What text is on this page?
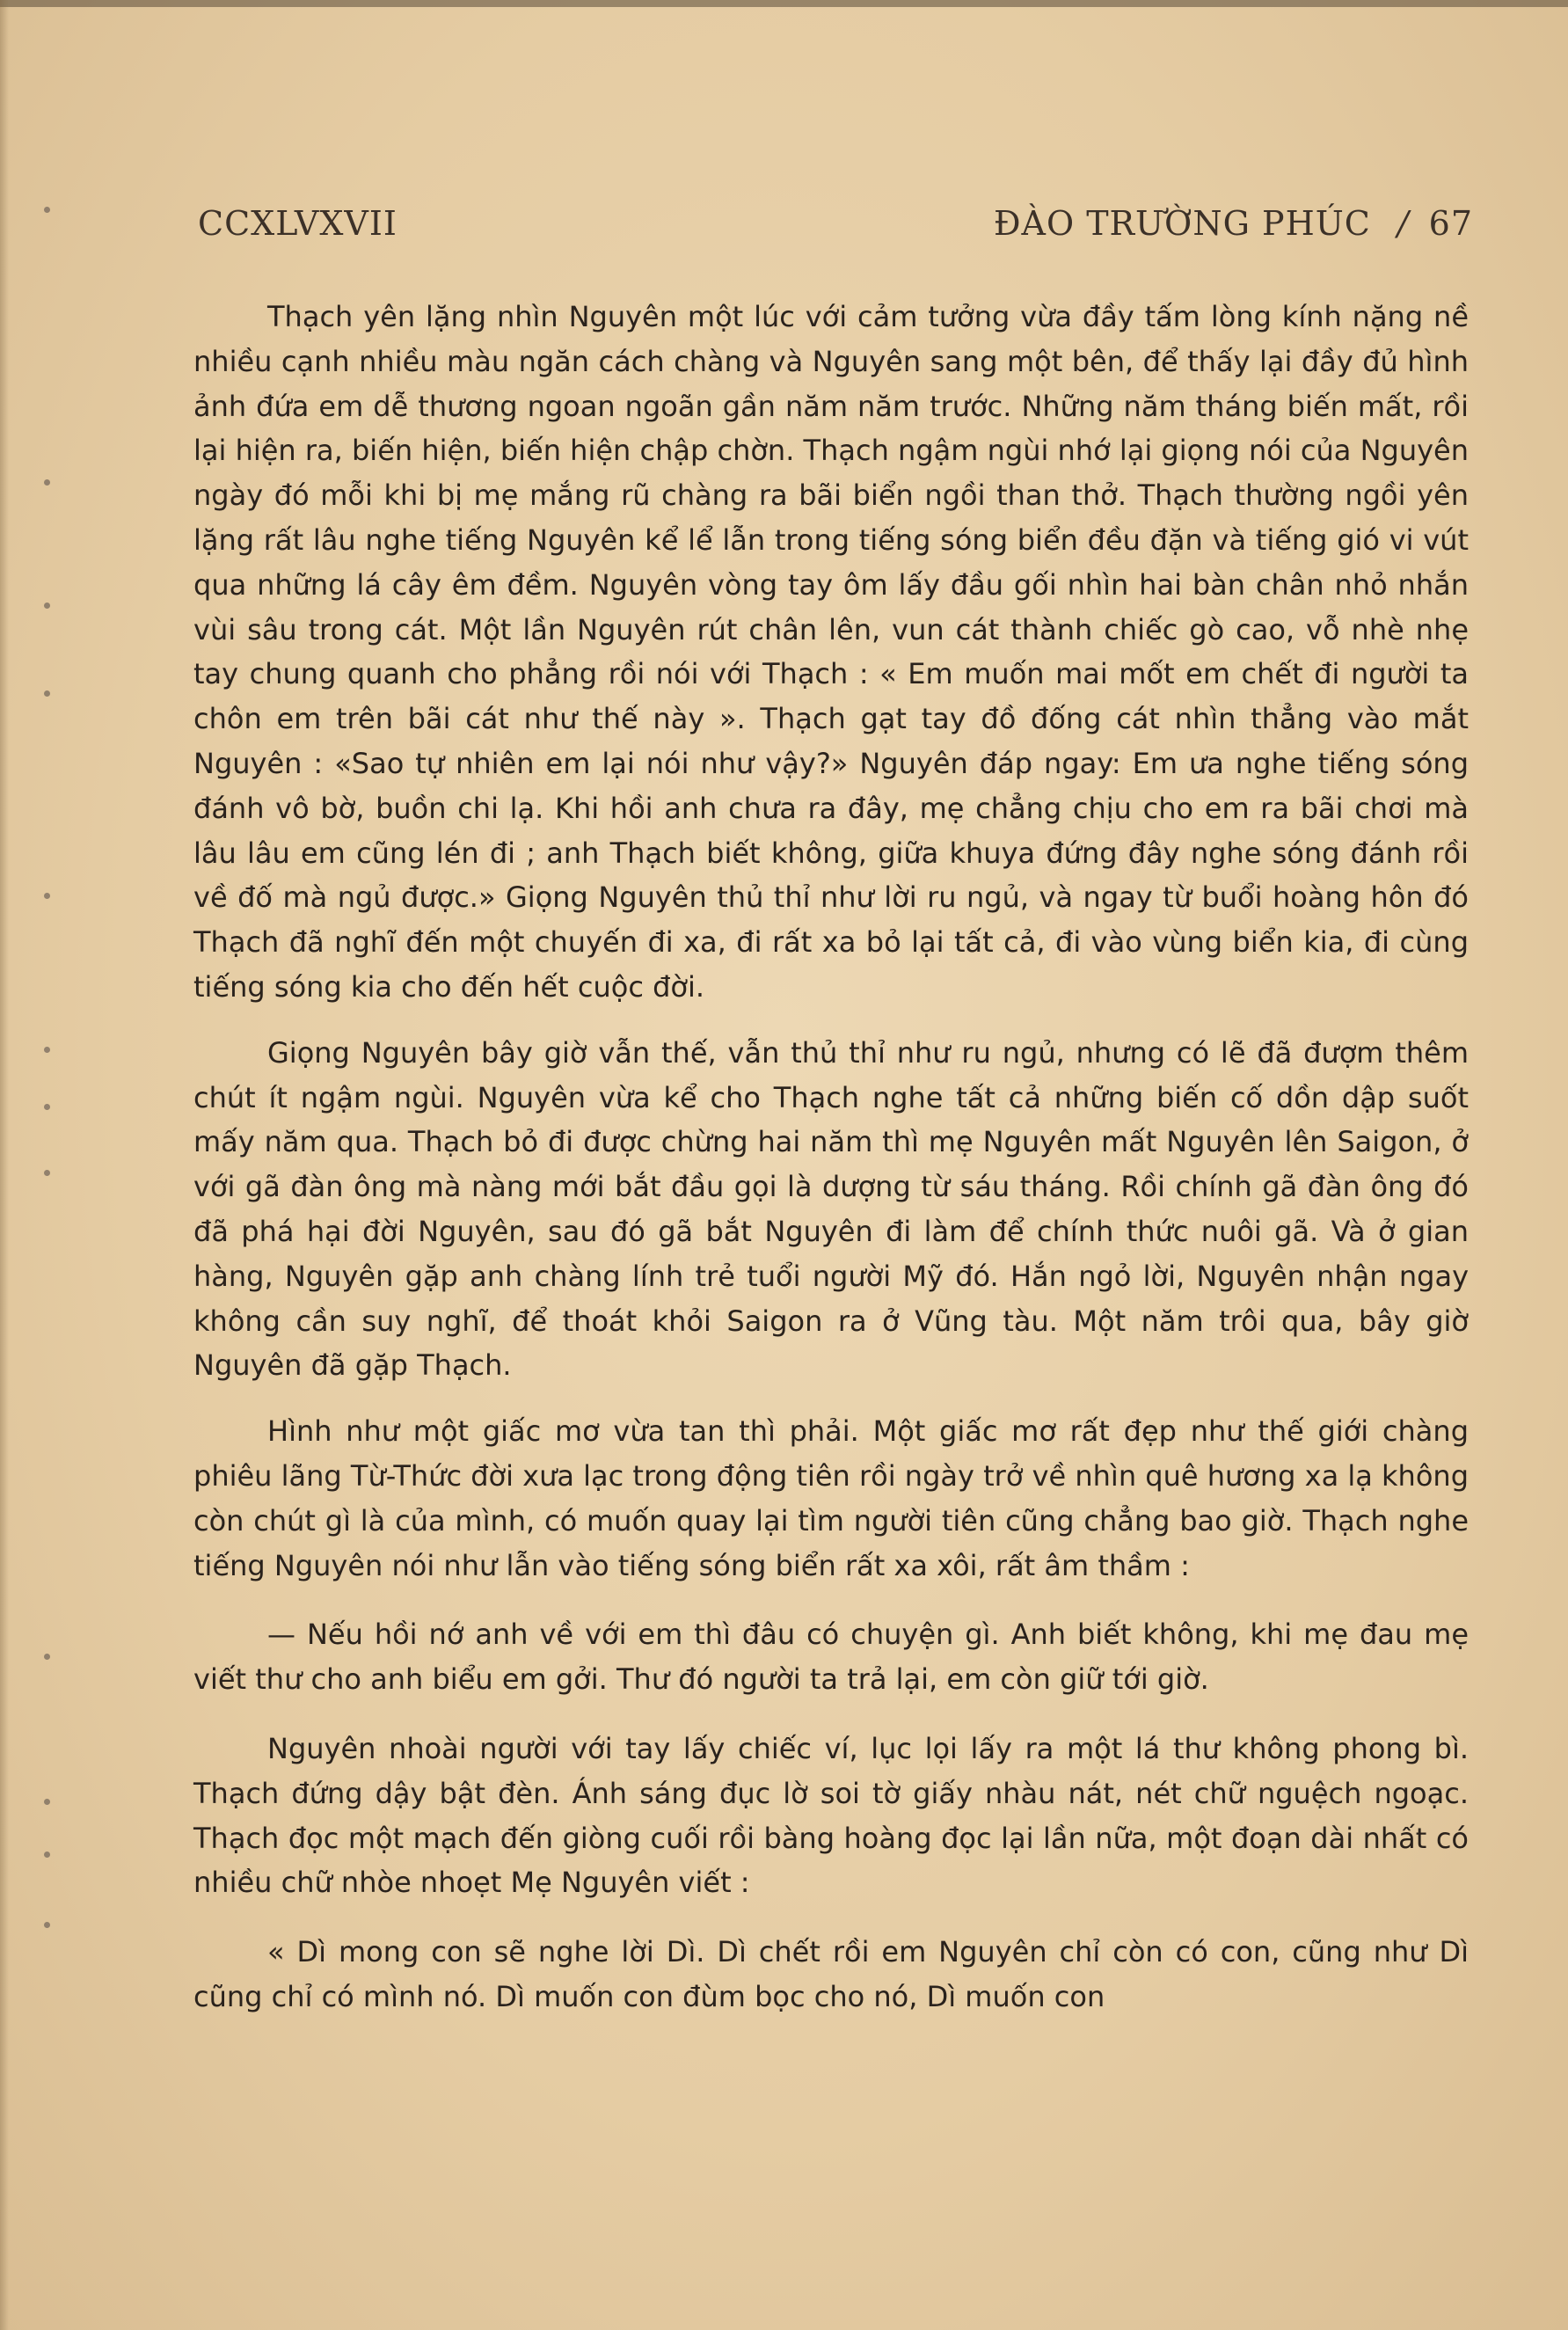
CCXLVXVII	ĐÀO TRƯỜNG PHÚC / 67

Thạch yên lặng nhìn Nguyên một lúc với cảm tưởng vừa đầy tấm lòng kính nặng nề nhiều cạnh nhiều màu ngăn cách chàng và Nguyên sang một bên, để thấy lại đầy đủ hình ảnh đứa em dễ thương ngoan ngoãn gần năm năm trước. Những năm tháng biến mất, rồi lại hiện ra, biến hiện, biến hiện chập chờn. Thạch ngậm ngùi nhớ lại giọng nói của Nguyên ngày đó mỗi khi bị mẹ mắng rũ chàng ra bãi biển ngồi than thở. Thạch thường ngồi yên lặng rất lâu nghe tiếng Nguyên kể lể lẫn trong tiếng sóng biển đều đặn và tiếng gió vi vút qua những lá cây êm đềm. Nguyên vòng tay ôm lấy đầu gối nhìn hai bàn chân nhỏ nhắn vùi sâu trong cát. Một lần Nguyên rút chân lên, vun cát thành chiếc gò cao, vỗ nhè nhẹ tay chung quanh cho phẳng rồi nói với Thạch : « Em muốn mai mốt em chết đi người ta chôn em trên bãi cát như thế này ». Thạch gạt tay đồ đống cát nhìn thẳng vào mắt Nguyên : «Sao tự nhiên em lại nói như vậy?» Nguyên đáp ngay: Em ưa nghe tiếng sóng đánh vô bờ, buồn chi lạ. Khi hồi anh chưa ra đây, mẹ chẳng chịu cho em ra bãi chơi mà lâu lâu em cũng lén đi ; anh Thạch biết không, giữa khuya đứng đây nghe sóng đánh rồi về đố mà ngủ được.» Giọng Nguyên thủ thỉ như lời ru ngủ, và ngay từ buổi hoàng hôn đó Thạch đã nghĩ đến một chuyến đi xa, đi rất xa bỏ lại tất cả, đi vào vùng biển kia, đi cùng tiếng sóng kia cho đến hết cuộc đời.

Giọng Nguyên bây giờ vẫn thế, vẫn thủ thỉ như ru ngủ, nhưng có lẽ đã đượm thêm chút ít ngậm ngùi. Nguyên vừa kể cho Thạch nghe tất cả những biến cố dồn dập suốt mấy năm qua. Thạch bỏ đi được chừng hai năm thì mẹ Nguyên mất Nguyên lên Saigon, ở với gã đàn ông mà nàng mới bắt đầu gọi là dượng từ sáu tháng. Rồi chính gã đàn ông đó đã phá hại đời Nguyên, sau đó gã bắt Nguyên đi làm để chính thức nuôi gã. Và ở gian hàng, Nguyên gặp anh chàng lính trẻ tuổi người Mỹ đó. Hắn ngỏ lời, Nguyên nhận ngay không cần suy nghĩ, để thoát khỏi Saigon ra ở Vũng tàu. Một năm trôi qua, bây giờ Nguyên đã gặp Thạch.

Hình như một giấc mơ vừa tan thì phải. Một giấc mơ rất đẹp như thế giới chàng phiêu lãng Từ-Thức đời xưa lạc trong động tiên rồi ngày trở về nhìn quê hương xa lạ không còn chút gì là của mình, có muốn quay lại tìm người tiên cũng chẳng bao giờ. Thạch nghe tiếng Nguyên nói như lẫn vào tiếng sóng biển rất xa xôi, rất âm thầm :

— Nếu hồi nớ anh về với em thì đâu có chuyện gì. Anh biết không, khi mẹ đau mẹ viết thư cho anh biểu em gởi. Thư đó người ta trả lại, em còn giữ tới giờ.

Nguyên nhoài người với tay lấy chiếc ví, lục lọi lấy ra một lá thư không phong bì. Thạch đứng dậy bật đèn. Ánh sáng đục lờ soi tờ giấy nhàu nát, nét chữ nguệch ngoạc. Thạch đọc một mạch đến giòng cuối rồi bàng hoàng đọc lại lần nữa, một đoạn dài nhất có nhiều chữ nhòe nhoẹt Mẹ Nguyên viết :

« Dì mong con sẽ nghe lời Dì. Dì chết rồi em Nguyên chỉ còn có con, cũng như Dì cũng chỉ có mình nó. Dì muốn con đùm bọc cho nó, Dì muốn con
